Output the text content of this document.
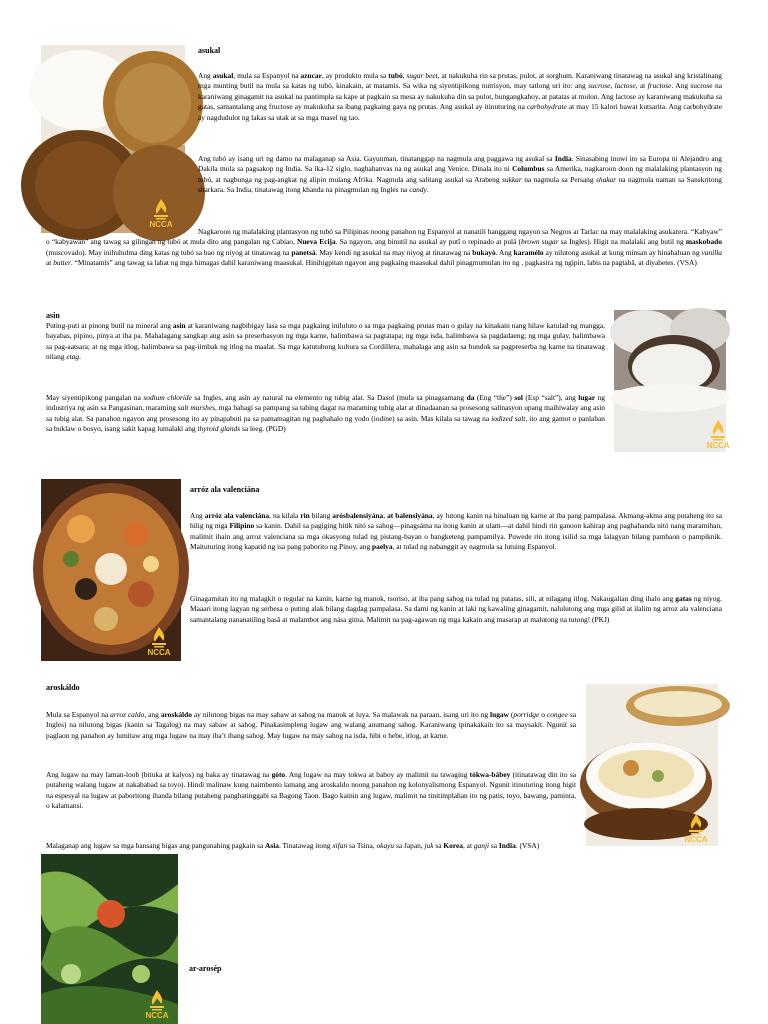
NCCA
asukal

Ang asukal, mula sa Espanyol na azucar, ay produkto mula sa tubó, sugar beet, at nakukuha rin sa prutas, pulot, at sorghum. Karaniwang tinatawag na asukal ang kristalinang mga munting butil na mula sa katas ng tubó, kinakain, at matamis. Sa wika ng siyentipikong nutrisyon, may tatlong uri ito: ang sucrose, lactose, at fructose. Ang sucrose na karaniwang ginagamit na asukal na pantimpla sa kape at pagkain sa mesa ay nakukuha din sa pulot, bungangkahoy, at patatas at mulon. Ang lactose ay karaniwang makukuha sa gatas, samantalang ang fructose ay makukuha sa ibang pagkaing gaya ng prutas. Ang asukal ay itinuturing na carbohydrate at may 15 kalori bawat kutsarita. Ang carbohydrate ay nagdudulot ng lakas sa utak at sa mga masel ng tao.

Ang tubó ay isang uri ng damo na malaganap sa Asia. Gayunman, tinatanggap na nagmula ang paggawa ng asukal sa India. Sinasabing inuwi ito sa Europa ni Alejandro ang Dakila mula sa pagsakop ng India. Sa ika-12 siglo, naghahanvas na ng asukal ang Venice. Dinala ito ni Columbus sa Amerika, nagkaroon doon ng malalaking plantasyon ng tubó, at nagbunga ng pag-angkat ng alipin mulang Afrika. Nagmula ang salitang asukal sa Arabeng sukkar na nagmula sa Persang shakar na nagmula naman sa Sanskritong sharkara. Sa India, tinatawag itong khanda na pinagmulan ng Ingles na candy.

Nagkaroon ng malalaking plantasyon ng tubó sa Pilipinas noong panahon ng Espanyol at nanatili hanggang ngayon sa Negros at Tarlac na may malalaking asukarera. “Kabyaw” o “kabyawan” ang tawag sa gilingan ng tubó at mula dito ang pangalan ng Cabiao, Nueva Ecija. Sa ngayon, ang binutil na asukal ay putî o repinado at pulá (brown sugar sa Ingles). Higit na malalaki ang butil ng maskobado (muscovado). May inihuhulma ding katas ng tubó sa bao ng niyog at tinatawag na panetsá. May kendi ng asukal na may niyog at tinatawag na bukayò. Ang karamélo ay nilutong asukal at kung minsan ay hinahaluan ng vanilla at butter. “Minatamis” ang tawag sa lahat ng mga himagas dahil karaniwang maasukal. Hinihigpitan ngayon ang pagkaing maasukal dahil pinagmumulan ito ng , pagkasira ng ngipin, labis na pagtabâ, at diyabetes. (VSA)

asin

Puting-puti at pinong butil na mineral ang asin at karaniwang nagbibigay lasa sa mga pagkaing iniluluto o sa mga pagkaing prutas man o gulay na kinakain nang hilaw katulad ng mangga, bayabas, pipino, pinya at iba pa. Mahalagang sangkap ang asin sa preserbasyon ng mga karne, halimbawa sa pagtatapa; ng mga isda, halimbawa sa pagdadaeng; ng mga gulay, halimbawa sa pag-aatsara; at ng mga itlog, halimbawa sa pag-iimbak ng itlog na maalat. Sa mga katutubong kultura sa Cordillera, mahalaga ang asin sa bundok sa pagpreserba ng karne na tinatawag nilang etag.

May siyentipikong pangalan na sodium chloride sa Ingles, ang asin ay natural na elemento ng tubig alat. Sa Dasol (mula sa pinagsamang da (Eng “the”) sol (Esp “salt”), ang lugar ng industriya ng asin sa Pangasinan, maraming salt marshes, mga bahagi sa pampang sa tabing dagat na maraming tubig alat at dinadaanan sa prosesong salinasyon upang maihiwalay ang asin sa tubig alat. Sa panahon ngayon ang prosesong ito ay pinapabuti pa sa pamamagitan ng paghahalo ng yodo (iodine) sa asin. Mas kilala sa tawag na iodized salt, ito ang gamot o panlaban sa buklaw o bosyo, isang sakit kapag lumalaki ang thyroid glands sa leeg. (PGD)

NCCA
NCCA
arróz ala valenciána

Ang arróz ala valenciána, na kilala rin bilang arósbalensiyána, at balensiyána, ay lutong kanin na hinaluan ng karne at iba pang pampalasa. Akmang-akma ang putaheng ito sa hilig ng mga Filipino sa kanin. Dahil sa pagiging hitik nitó sa sahog—pinagsáma na itong kanin at ulam—at dahil hindi rin ganoon kahirap ang paghahanda nitó nang maramihan, malimit ihain ang arroz valenciana sa mga okasyong tulad ng pistang-bayan o bangketeng pampamilya. Puwede rin itong isilid sa mga lalagyan bilang pambaon o pampiknik. Maituturing itong kapatid ng isa pang paborito ng Pinoy, ang paelya, at tulad ng nabanggit ay nagmula sa lutuing Espanyol.

Ginagamitan ito ng malagkít o regular na kanin, karne ng manok, tsoriso, at iba pang sahog na tulad ng patatas, sili, at nilagang itlog. Nakaugalian ding ihalo ang gatas ng niyog. Maaari itong lagyan ng serbesa o puting alak bilang dagdag pampalasa. Sa dami ng kanin at laki ng kawaling ginagamit, nalulutong ang mga gilid at ilalim ng arroz ala valenciana samantalang nananatiling basâ at malambot ang nása gitna. Malimit na pag-agawan ng mga kakain ang masarap at malutong na tutong! (PKJ)

aroskáldo

Mula sa Espanyol na arroz caldo, ang aroskáldo ay nilutong bigas na may sabaw at sahog na manok at luya. Sa malawak na paraan, isang uri ito ng lugaw (porridge o congee sa Ingles) na nilutong bigas (kanin sa Tagalog) na may sabaw at sahog. Pinakasimpleng lugaw ang walang anumang sahog. Karaniwang ipinakakain ito sa maysakít. Ngunit sa paglaon ng panahon ay lumitaw ang mga lugaw na may iba’t ibang sahog. May lugaw na may sahog na isda, hibi o hebe, itlog, at karne.

Ang lugaw na may laman-loob (bituka at kalyos) ng baka ay tinatawag na góto. Ang lugaw na may tokwa at baboy ay malimit na tawagíng tókwa-bábey (itinatawag din ito sa putaheng walang lugaw at nakababad sa toyo). Hindi malinaw kung naimbento lamang ang aroskaldo noong panahon ng kolonyalismong Espanyol. Ngunit itinuturing itong higit na espesyal na lugaw at paboritong ihanda bilang putaheng panghatinggabi sa Bagong Taon. Bago kainin ang lugaw, malimit na tinitimplahan ito ng patis, toyo, bawang, paminta, o kalamansi.

Malaganap ang lugaw sa mga bansang bigas ang pangunahing pagkain sa Asia. Tinatawag itong xifan sa Tsina, okayu sa Japan, juk sa Korea, at ganji sa India. (VSA)

NCCA
NCCA
ar-arosép
